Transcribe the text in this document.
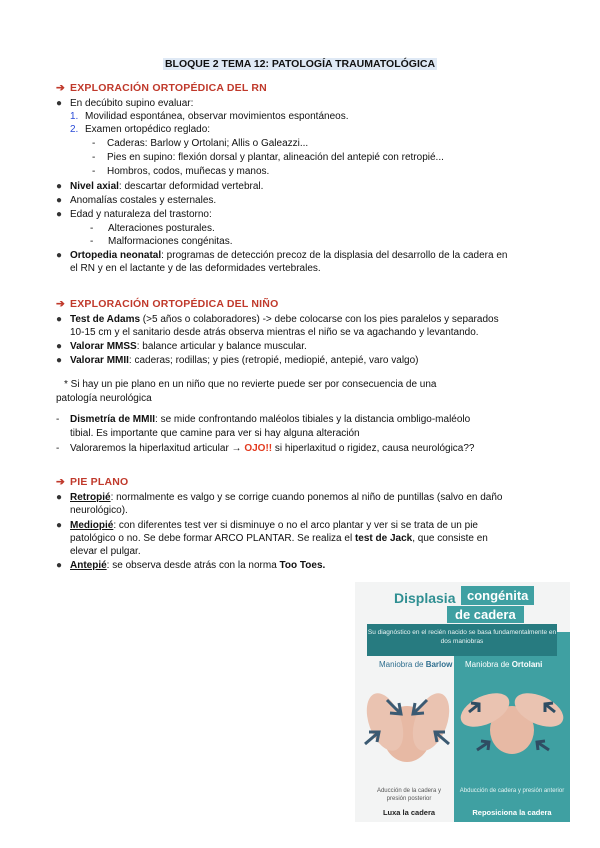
BLOQUE 2 TEMA 12: PATOLOGÍA TRAUMATOLÓGICA
➔ EXPLORACIÓN ORTOPÉDICA DEL RN
● En decúbito supino evaluar:
1. Movilidad espontánea, observar movimientos espontáneos.
2. Examen ortopédico reglado:
- Caderas: Barlow y Ortolani; Allis o Galeazzi...
- Pies en supino: flexión dorsal y plantar, alineación del antepié con retropié...
- Hombros, codos, muñecas y manos.
● Nivel axial: descartar deformidad vertebral.
● Anomalías costales y esternales.
● Edad y naturaleza del trastorno:
- Alteraciones posturales.
- Malformaciones congénitas.
● Ortopedia neonatal: programas de detección precoz de la displasia del desarrollo de la cadera en
el RN y en el lactante y de las deformidades vertebrales.
➔ EXPLORACIÓN ORTOPÉDICA DEL NIÑO
● Test de Adams (>5 años o colaboradores) -> debe colocarse con los pies paralelos y separados
10-15 cm y el sanitario desde atrás observa mientras el niño se va agachando y levantando.
● Valorar MMSS: balance articular y balance muscular.
● Valorar MMII: caderas; rodillas; y pies (retropié, mediopié, antepié, varo valgo)
* Si hay un pie plano en un niño que no revierte puede ser por consecuencia de una
patología neurológica
- Dismetría de MMII: se mide confrontando maléolos tibiales y la distancia ombligo-maléolo
tibial. Es importante que camine para ver si hay alguna alteración
- Valoraremos la hiperlaxitud articular → OJO!! si hiperlaxitud o rigidez, causa neurológica??
➔ PIE PLANO
● Retropié: normalmente es valgo y se corrige cuando ponemos al niño de puntillas (salvo en daño
neurológico).
● Mediopié: con diferentes test ver si disminuye o no el arco plantar y ver si se trata de un pie
patológico o no. Se debe formar ARCO PLANTAR. Se realiza el test de Jack, que consiste en
elevar el pulgar.
● Antepié: se observa desde atrás con la norma Too Toes.
Displasia congénita
de cadera
Su diagnóstico en el recién nacido se basa fundamentalmente en dos maniobras
Maniobra de Barlow Maniobra de Ortolani
Aducción de la cadera y presión posterior
Luxa la cadera
Abducción de cadera y presión anterior
Reposiciona la cadera
